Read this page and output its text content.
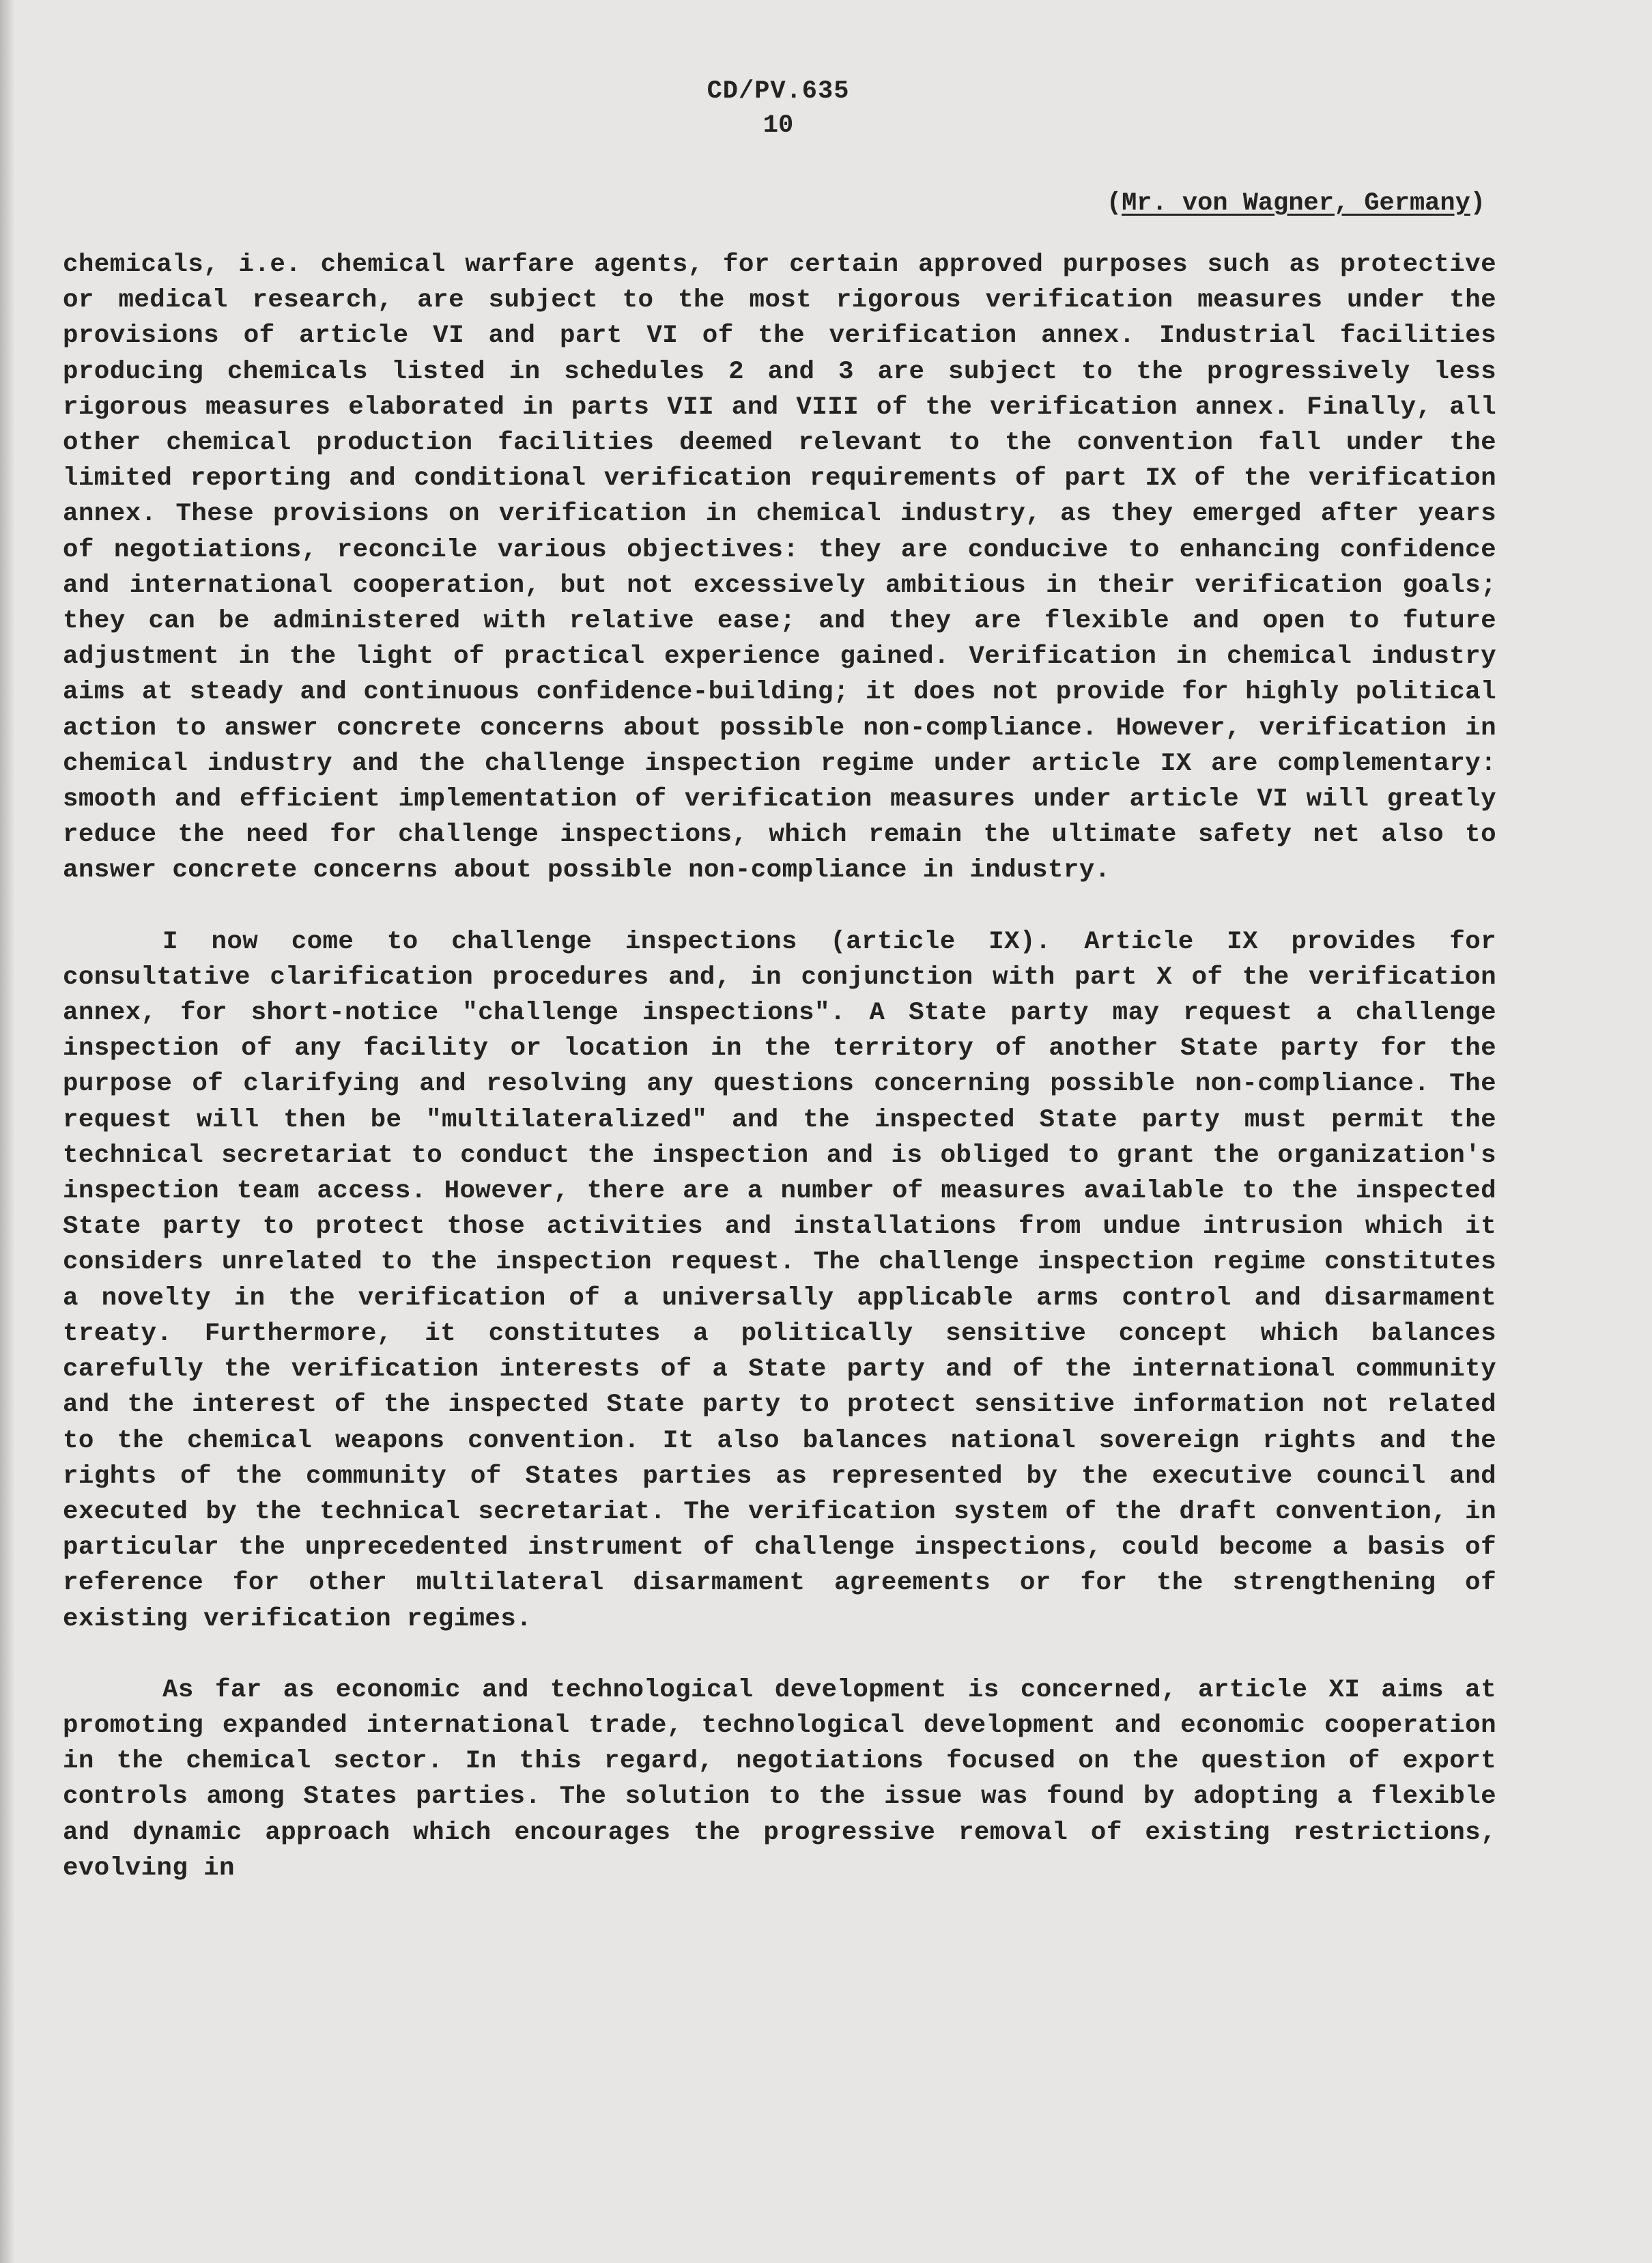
CD/PV.635
10
(Mr. von Wagner, Germany)

chemicals, i.e. chemical warfare agents, for certain approved purposes such as protective or medical research, are subject to the most rigorous verification measures under the provisions of article VI and part VI of the verification annex. Industrial facilities producing chemicals listed in schedules 2 and 3 are subject to the progressively less rigorous measures elaborated in parts VII and VIII of the verification annex. Finally, all other chemical production facilities deemed relevant to the convention fall under the limited reporting and conditional verification requirements of part IX of the verification annex. These provisions on verification in chemical industry, as they emerged after years of negotiations, reconcile various objectives: they are conducive to enhancing confidence and international cooperation, but not excessively ambitious in their verification goals; they can be administered with relative ease; and they are flexible and open to future adjustment in the light of practical experience gained. Verification in chemical industry aims at steady and continuous confidence-building; it does not provide for highly political action to answer concrete concerns about possible non-compliance. However, verification in chemical industry and the challenge inspection regime under article IX are complementary: smooth and efficient implementation of verification measures under article VI will greatly reduce the need for challenge inspections, which remain the ultimate safety net also to answer concrete concerns about possible non-compliance in industry.

I now come to challenge inspections (article IX). Article IX provides for consultative clarification procedures and, in conjunction with part X of the verification annex, for short-notice "challenge inspections". A State party may request a challenge inspection of any facility or location in the territory of another State party for the purpose of clarifying and resolving any questions concerning possible non-compliance. The request will then be "multilateralized" and the inspected State party must permit the technical secretariat to conduct the inspection and is obliged to grant the organization's inspection team access. However, there are a number of measures available to the inspected State party to protect those activities and installations from undue intrusion which it considers unrelated to the inspection request. The challenge inspection regime constitutes a novelty in the verification of a universally applicable arms control and disarmament treaty. Furthermore, it constitutes a politically sensitive concept which balances carefully the verification interests of a State party and of the international community and the interest of the inspected State party to protect sensitive information not related to the chemical weapons convention. It also balances national sovereign rights and the rights of the community of States parties as represented by the executive council and executed by the technical secretariat. The verification system of the draft convention, in particular the unprecedented instrument of challenge inspections, could become a basis of reference for other multilateral disarmament agreements or for the strengthening of existing verification regimes.

As far as economic and technological development is concerned, article XI aims at promoting expanded international trade, technological development and economic cooperation in the chemical sector. In this regard, negotiations focused on the question of export controls among States parties. The solution to the issue was found by adopting a flexible and dynamic approach which encourages the progressive removal of existing restrictions, evolving in
